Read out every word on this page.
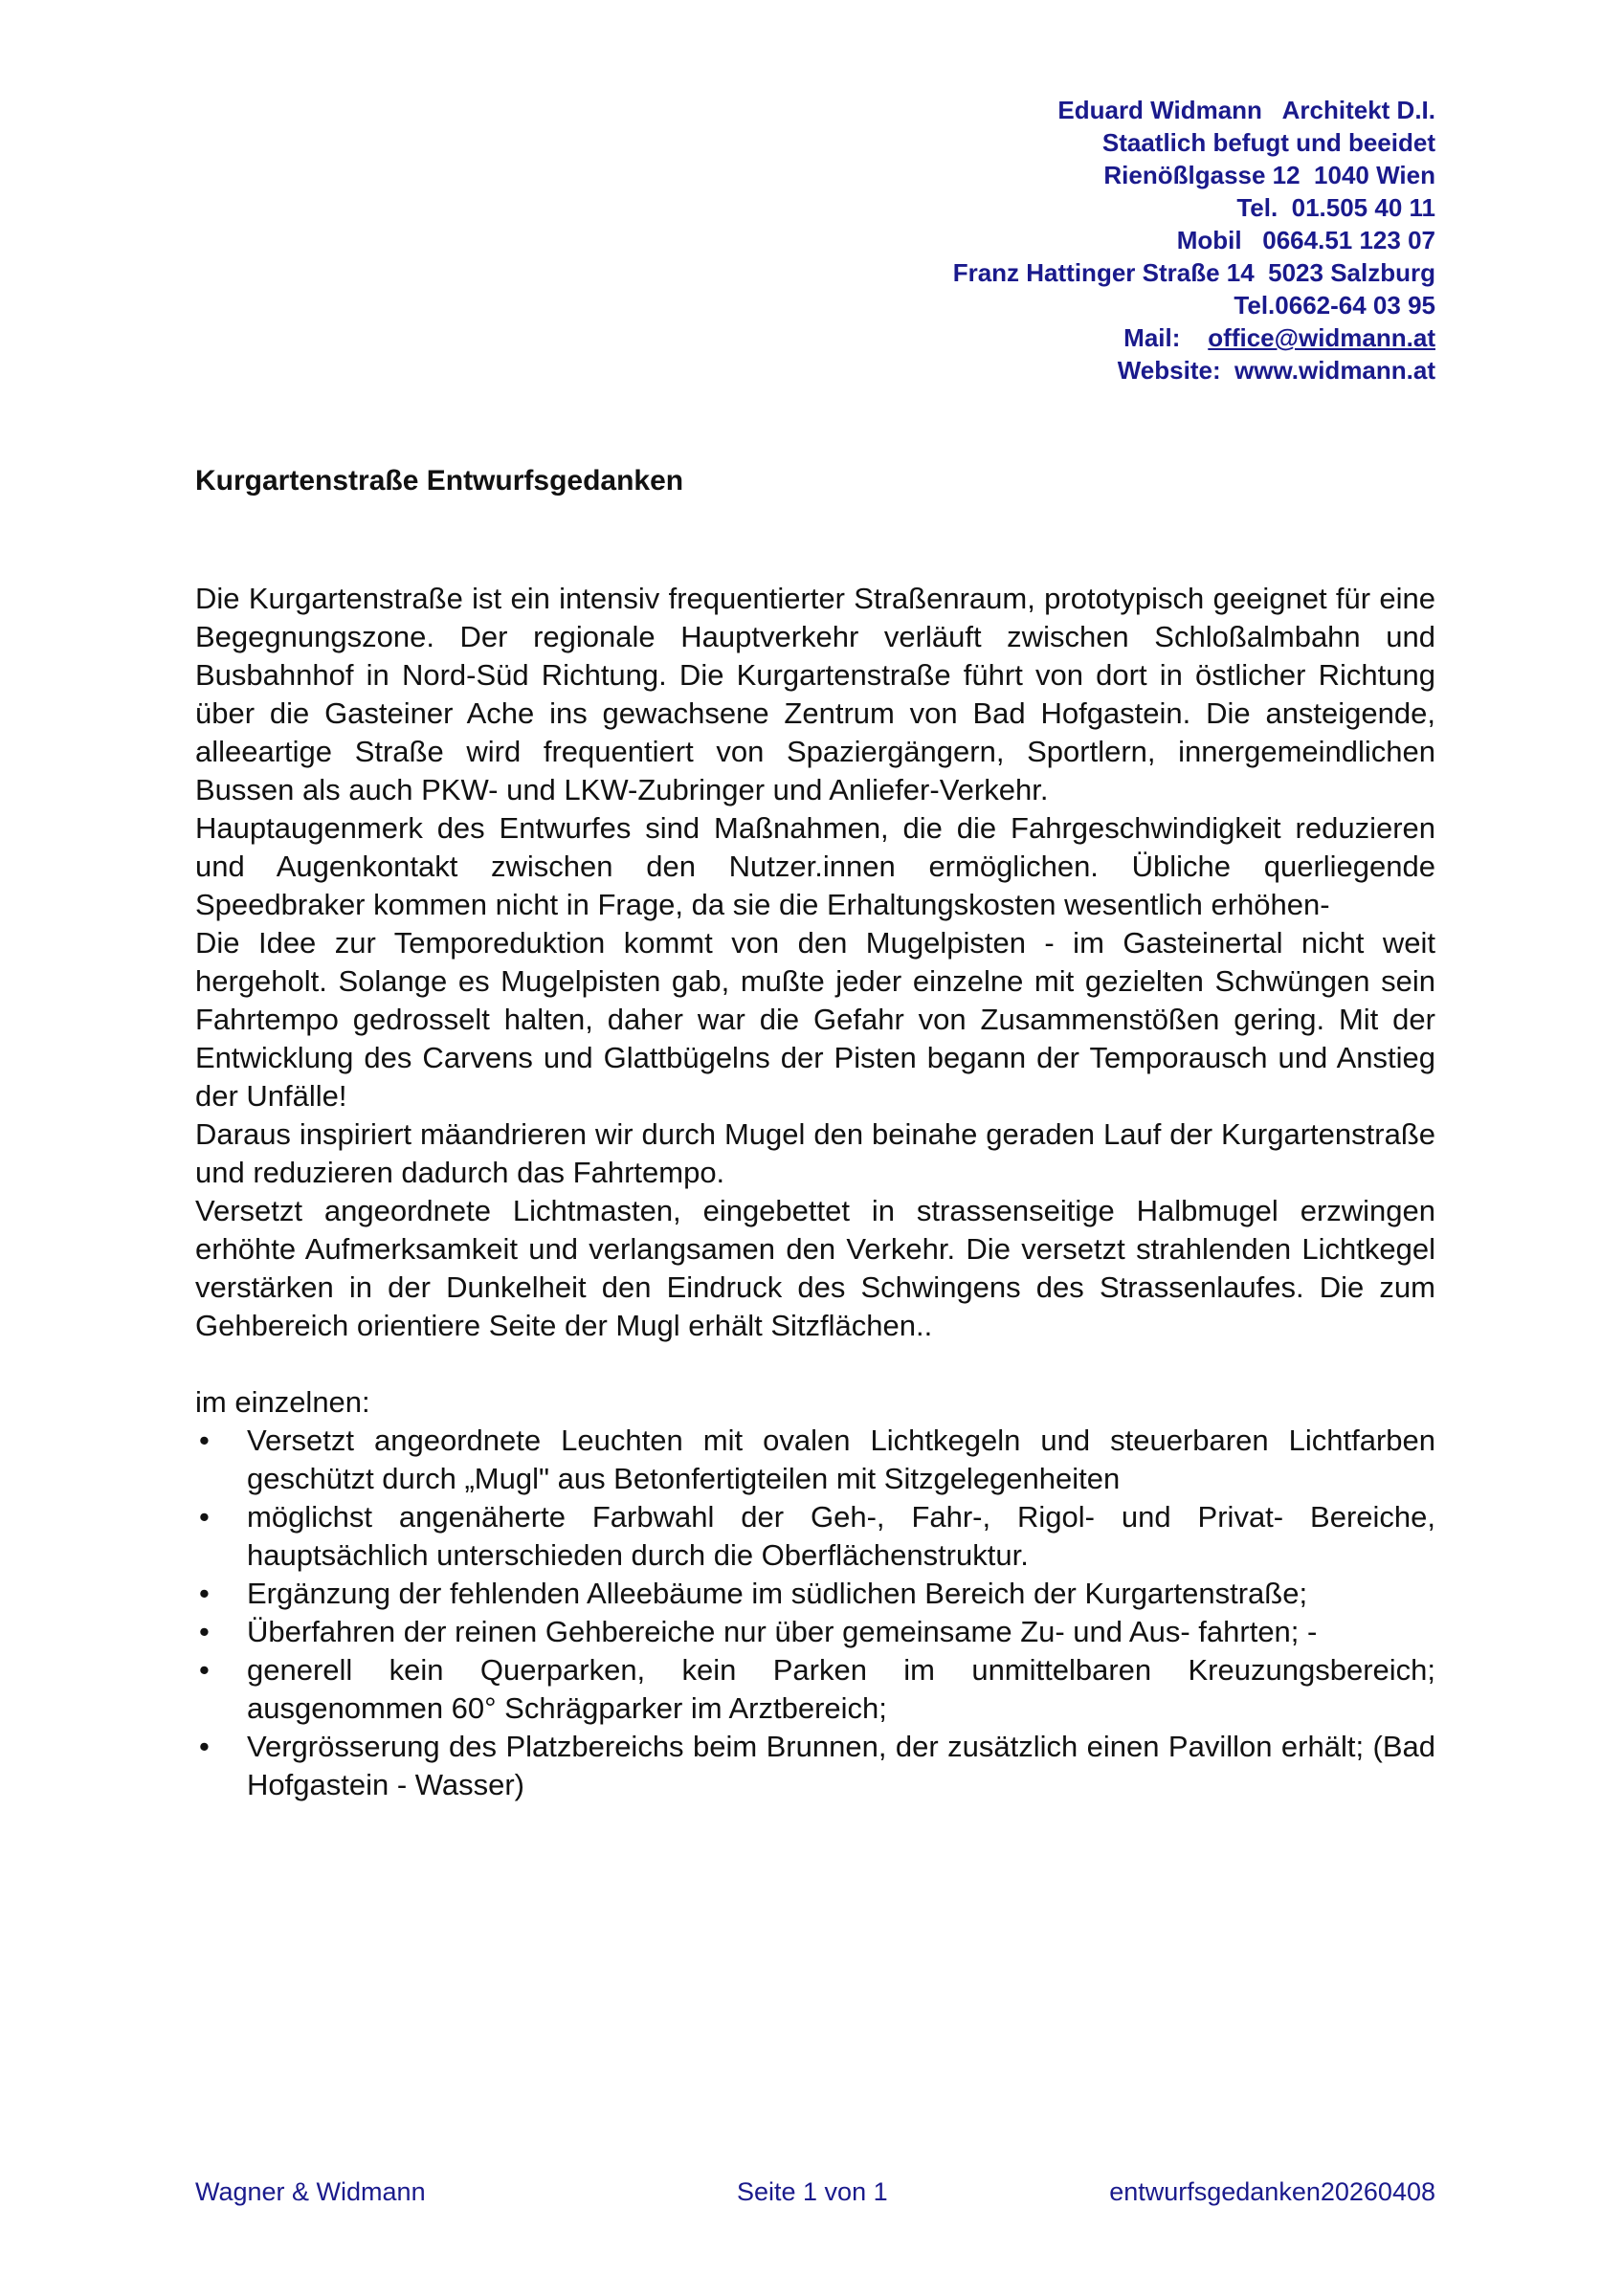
Eduard Widmann   Architekt D.I.
Staatlich befugt und beeidet
Rienößlgasse 12  1040 Wien
Tel.  01.505 40 11
Mobil   0664.51 123 07
Franz Hattinger Straße 14  5023 Salzburg
Tel.0662-64 03 95
Mail:    office@widmann.at
Website:  www.widmann.at
Kurgartenstraße Entwurfsgedanken

Die Kurgartenstraße ist ein intensiv frequentierter Straßenraum, prototypisch geeignet für eine Begegnungszone. Der regionale Hauptverkehr verläuft zwischen Schloßalmbahn und Busbahnhof in Nord-Süd Richtung. Die Kurgartenstraße führt von dort in östlicher Richtung über die Gasteiner Ache ins gewachsene Zentrum von Bad Hofgastein. Die ansteigende, alleeartige Straße wird frequentiert von Spaziergängern, Sportlern, innergemeindlichen Bussen als auch PKW- und LKW-Zubringer und Anliefer-Verkehr.

Hauptaugenmerk des Entwurfes sind Maßnahmen, die die Fahrgeschwindigkeit reduzieren und Augenkontakt zwischen den Nutzer.innen ermöglichen. Übliche querliegende Speedbraker kommen nicht in Frage, da sie die Erhaltungskosten wesentlich erhöhen-

Die Idee zur Temporeduktion kommt von den Mugelpisten - im Gasteinertal nicht weit hergeholt. Solange es Mugelpisten gab, mußte jeder einzelne mit gezielten Schwüngen sein Fahrtempo gedrosselt halten, daher war die Gefahr von Zusammenstößen gering. Mit der Entwicklung des Carvens und Glattbügelns der Pisten begann der Temporausch und Anstieg der Unfälle!

Daraus inspiriert mäandrieren wir durch Mugel den beinahe geraden Lauf der Kurgartenstraße und reduzieren dadurch das Fahrtempo.

Versetzt angeordnete Lichtmasten, eingebettet in strassenseitige Halbmugel erzwingen erhöhte Aufmerksamkeit und verlangsamen den Verkehr. Die versetzt strahlenden Lichtkegel verstärken in der Dunkelheit den Eindruck des Schwingens des Strassenlaufes. Die zum Gehbereich orientiere Seite der Mugl erhält Sitzflächen..

im einzelnen:

• Versetzt angeordnete Leuchten mit ovalen Lichtkegeln und steuerbaren Lichtfarben geschützt durch „Mugl" aus Betonfertigteilen mit Sitzgelegenheiten
• möglichst angenäherte Farbwahl der Geh-, Fahr-, Rigol- und Privat- Bereiche, hauptsächlich unterschieden durch die Oberflächenstruktur.
• Ergänzung der fehlenden Alleebäume im südlichen Bereich der Kurgartenstraße;
• Überfahren der reinen Gehbereiche nur über gemeinsame Zu- und Aus- fahrten; -
• generell kein Querparken, kein Parken im unmittelbaren Kreuzungsbereich; ausgenommen 60° Schrägparker im Arztbereich;
• Vergrösserung des Platzbereichs beim Brunnen, der zusätzlich einen Pavillon erhält; (Bad Hofgastein - Wasser)
Wagner & Widmann	Seite 1 von 1	entwurfsgedanken20260408
